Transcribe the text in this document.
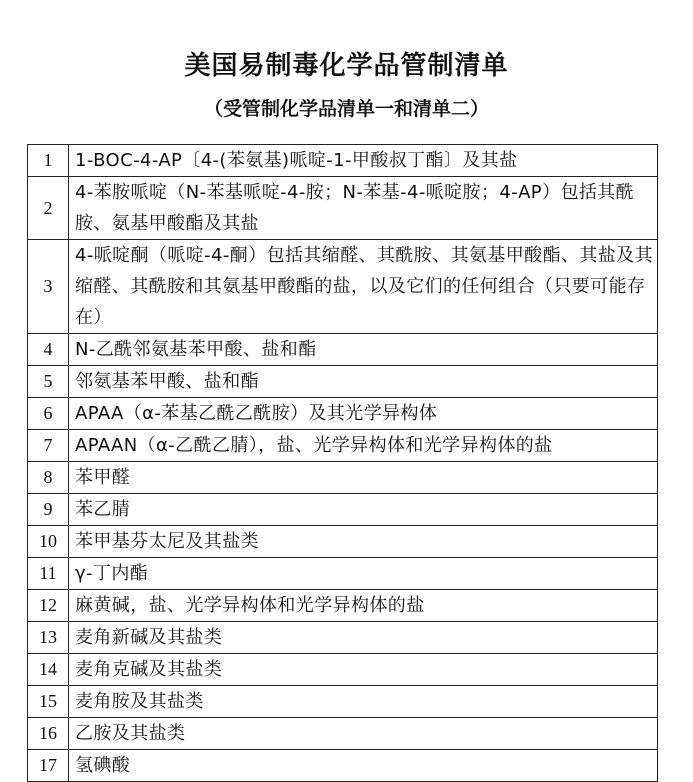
美国易制毒化学品管制清单
（受管制化学品清单一和清单二）
1	1-BOC-4-AP〔4-(苯氨基)哌啶-1-甲酸叔丁酯〕及其盐
2	4-苯胺哌啶（N-苯基哌啶-4-胺；N-苯基-4-哌啶胺；4-AP）包括其酰胺、氨基甲酸酯及其盐
3	4-哌啶酮（哌啶-4-酮）包括其缩醛、其酰胺、其氨基甲酸酯、其盐及其缩醛、其酰胺和其氨基甲酸酯的盐，以及它们的任何组合（只要可能存在）
4	N-乙酰邻氨基苯甲酸、盐和酯
5	邻氨基苯甲酸、盐和酯
6	APAA（α-苯基乙酰乙酰胺）及其光学异构体
7	APAAN（α-乙酰乙腈），盐、光学异构体和光学异构体的盐
8	苯甲醛
9	苯乙腈
10	苯甲基芬太尼及其盐类
11	γ-丁内酯
12	麻黄碱，盐、光学异构体和光学异构体的盐
13	麦角新碱及其盐类
14	麦角克碱及其盐类
15	麦角胺及其盐类
16	乙胺及其盐类
17	氢碘酸
